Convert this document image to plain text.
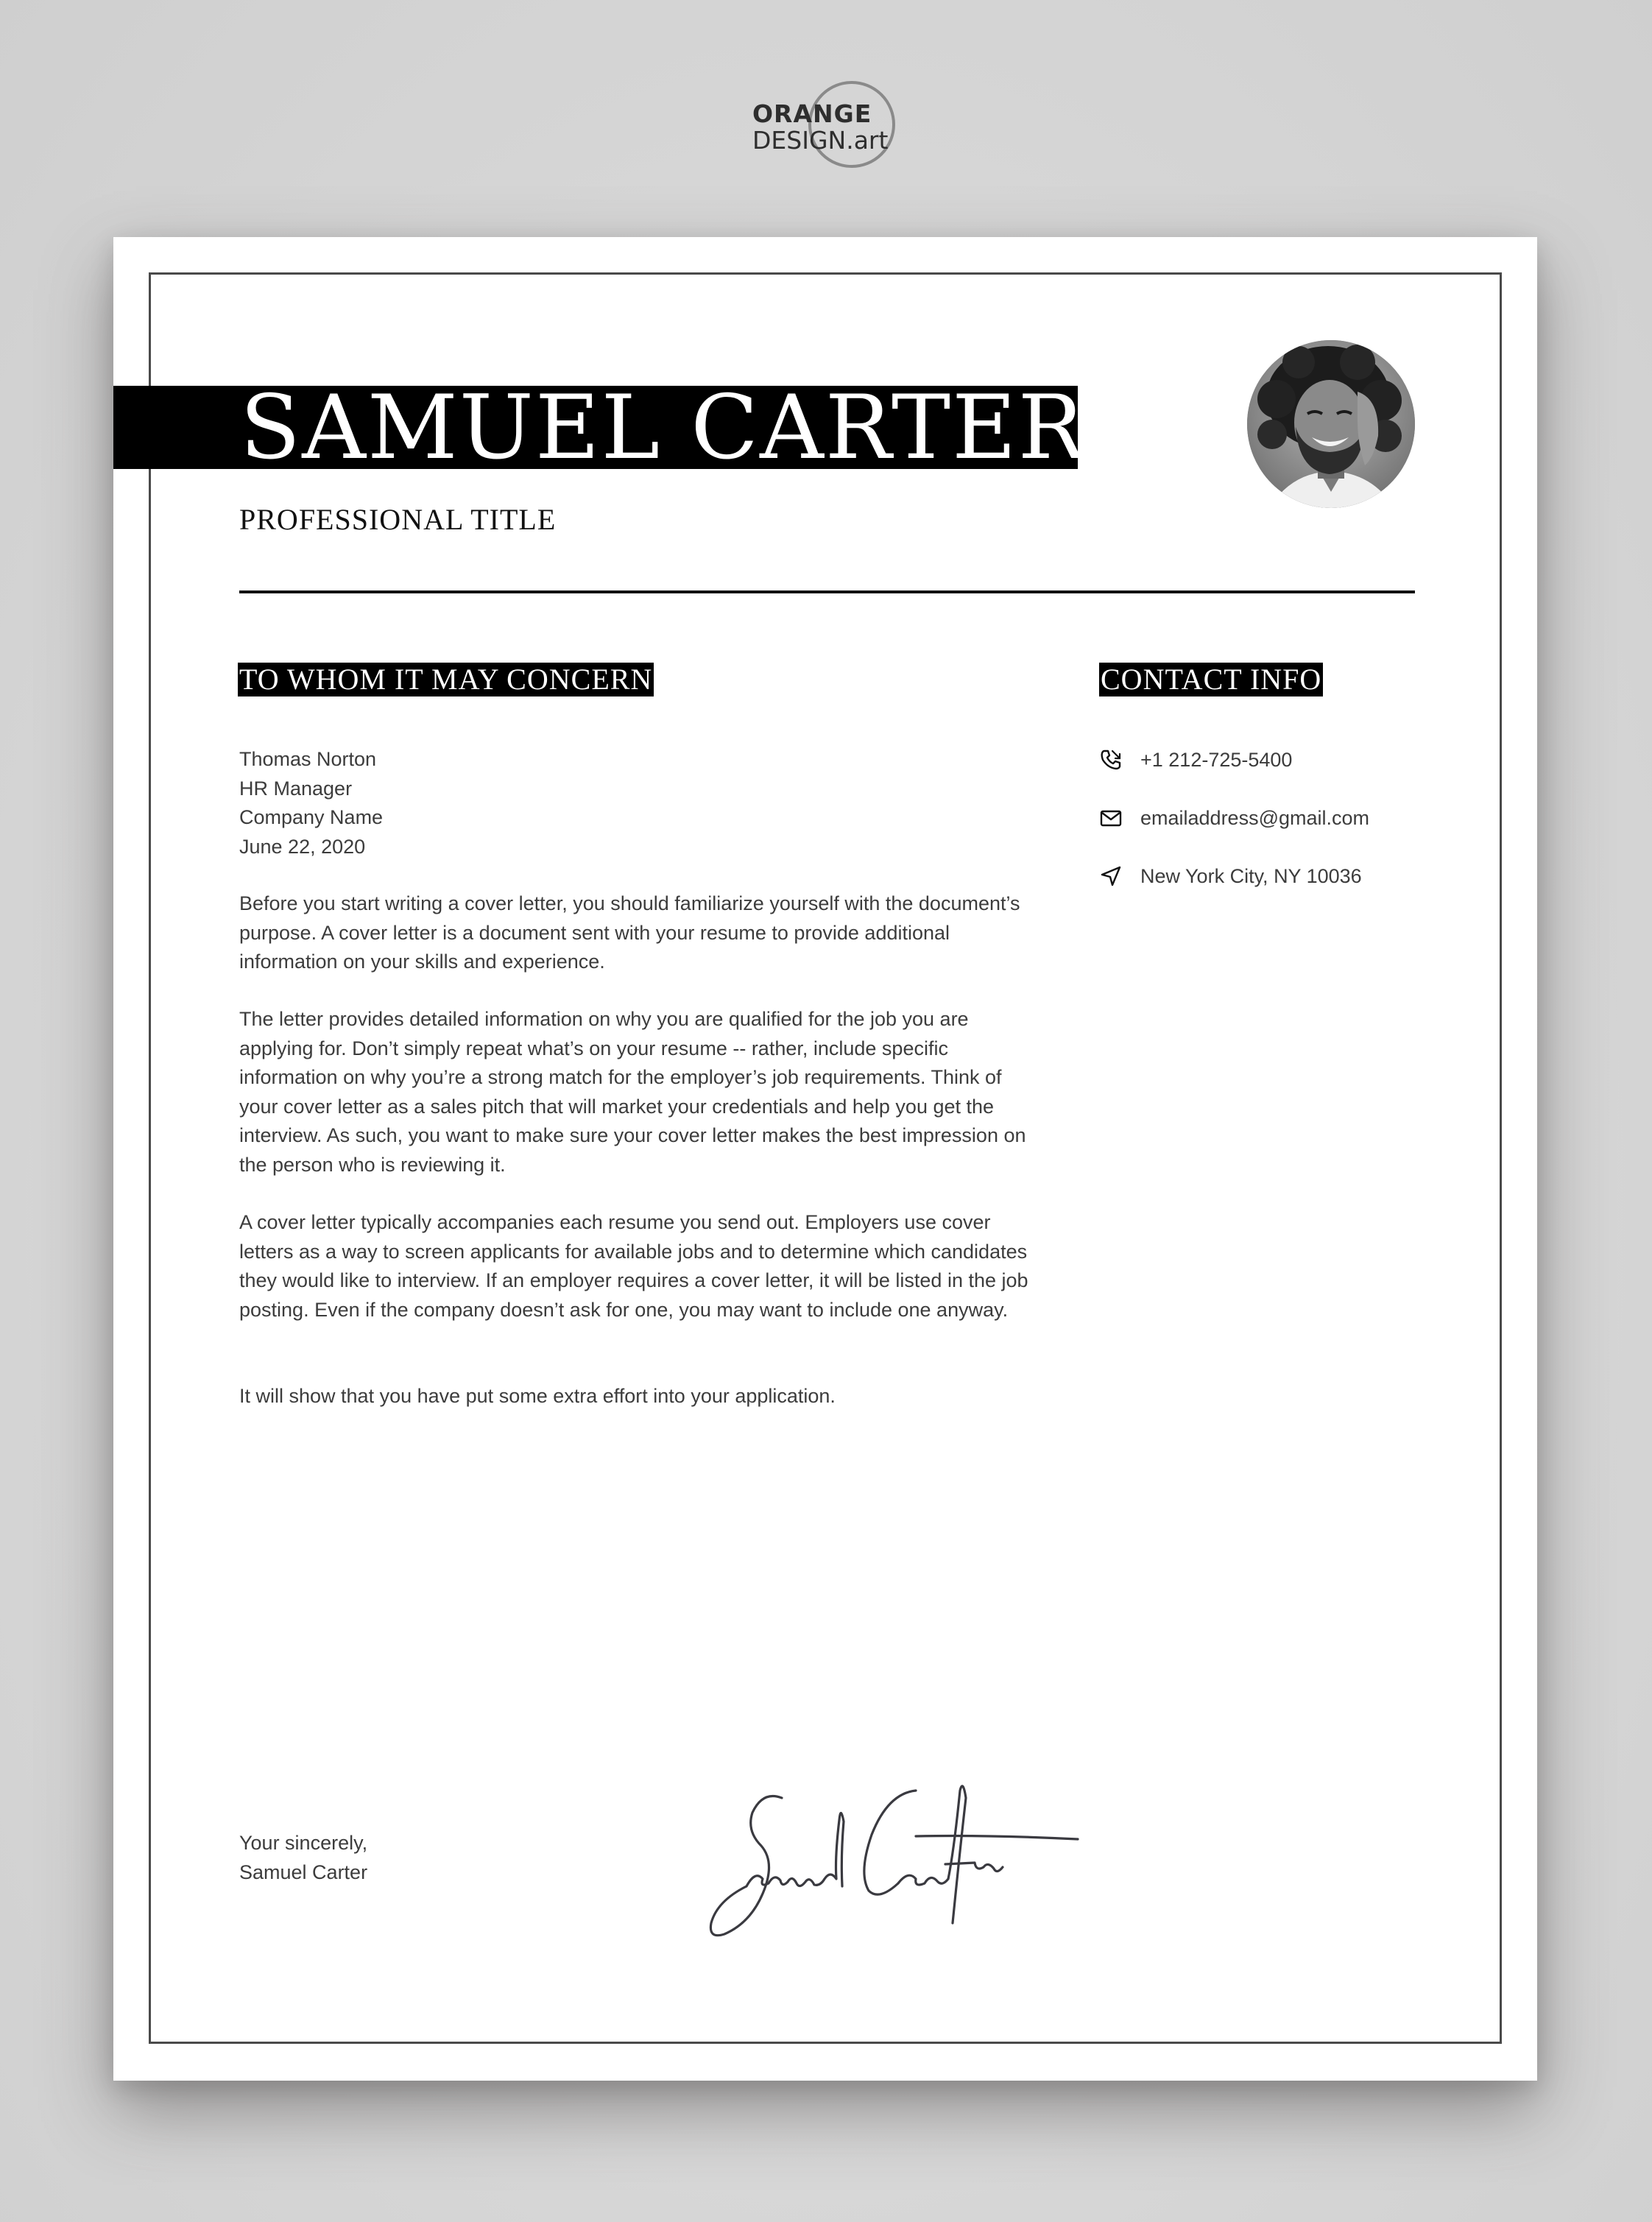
ORANGE
DESIGN.art
SAMUEL CARTER
PROFESSIONAL TITLE
TO WHOM IT MAY CONCERN	CONTACT INFO
Thomas Norton
HR Manager
Company Name
June 22, 2020

Before you start writing a cover letter, you should familiarize yourself with the document’s purpose. A cover letter is a document sent with your resume to provide additional information on your skills and experience.

The letter provides detailed information on why you are qualified for the job you are applying for. Don’t simply repeat what’s on your resume -- rather, include specific information on why you’re a strong match for the employer’s job requirements. Think of your cover letter as a sales pitch that will market your credentials and help you get the interview. As such, you want to make sure your cover letter makes the best impression on the person who is reviewing it.

A cover letter typically accompanies each resume you send out. Employers use cover letters as a way to screen applicants for available jobs and to determine which candidates they would like to interview. If an employer requires a cover letter, it will be listed in the job posting. Even if the company doesn’t ask for one, you may want to include one anyway.

It will show that you have put some extra effort into your application.

+1 212-725-5400
emailaddress@gmail.com
New York City, NY 10036
Your sincerely,
Samuel Carter
